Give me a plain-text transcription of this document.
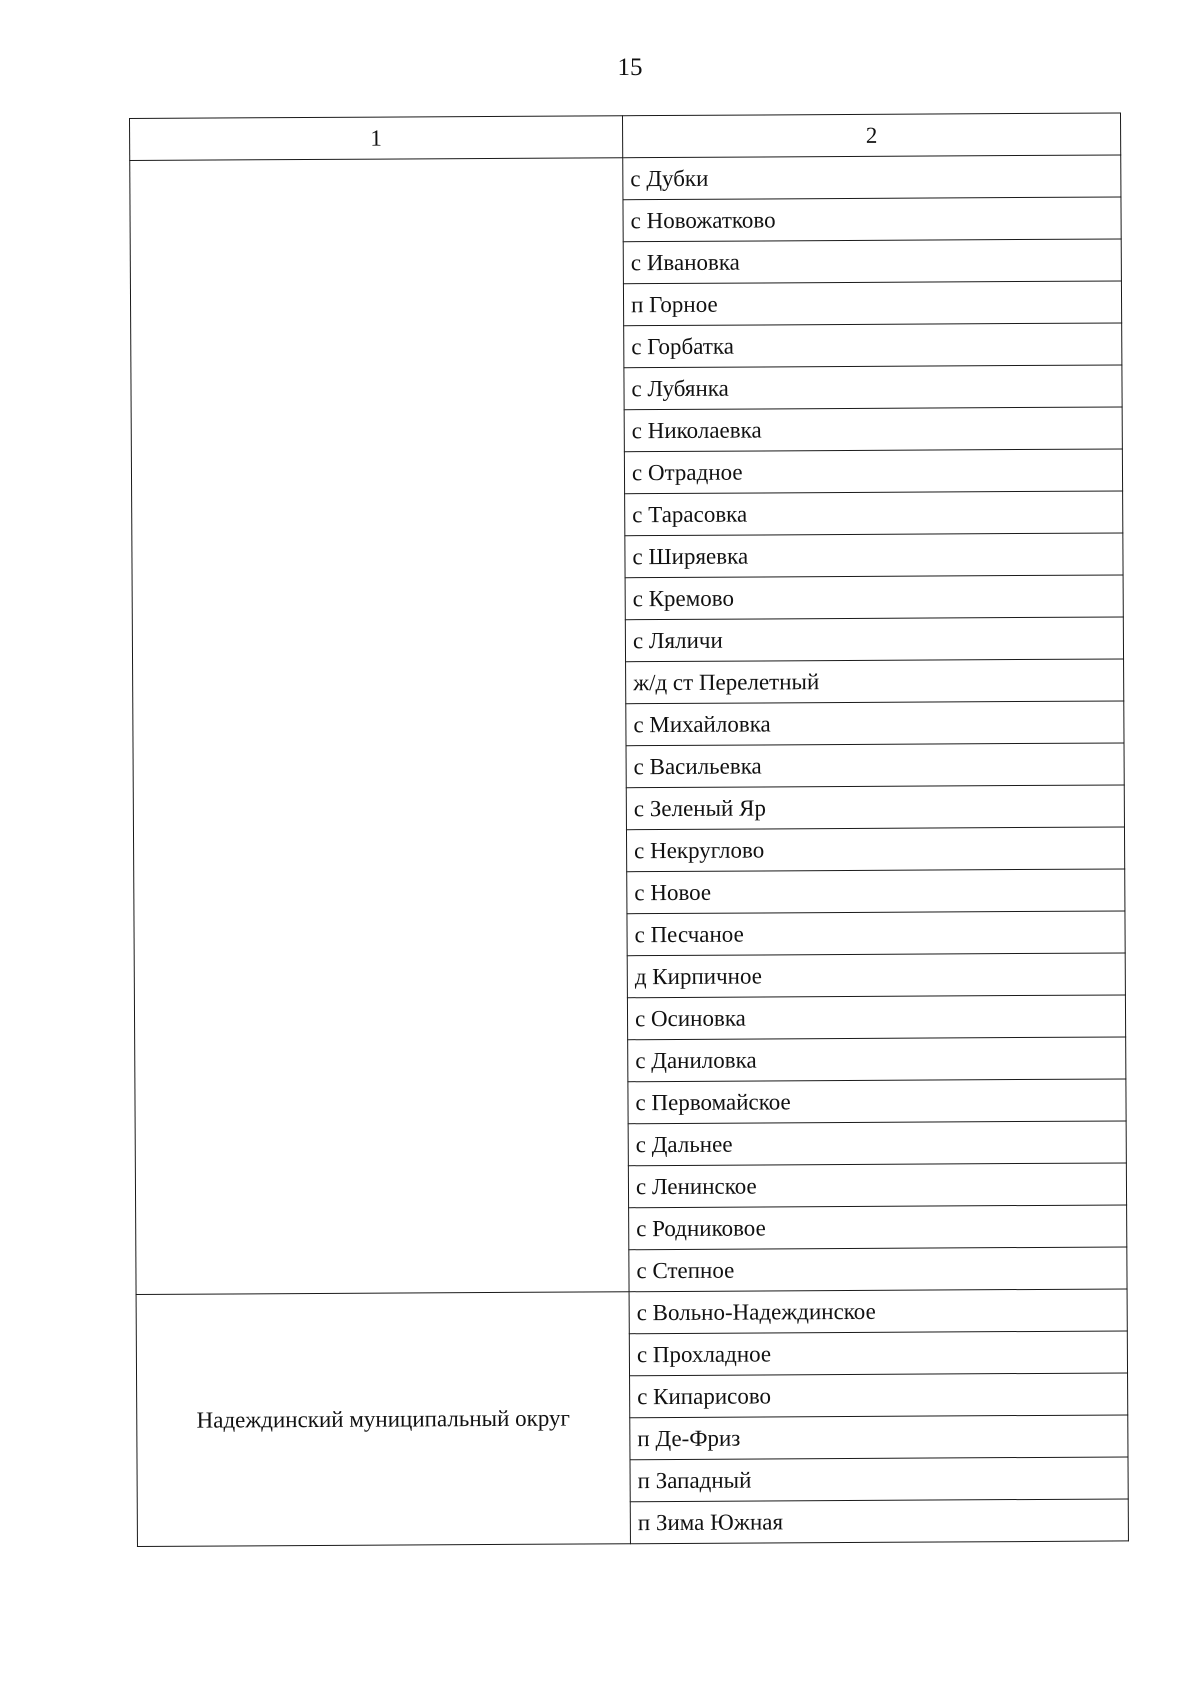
15
1	2
	с Дубки
	с Новожатково
	с Ивановка
	п Горное
	с Горбатка
	с Лубянка
	с Николаевка
	с Отрадное
	с Тарасовка
	с Ширяевка
	с Кремово
	с Ляличи
	ж/д ст Перелетный
	с Михайловка
	с Васильевка
	с Зеленый Яр
	с Некруглово
	с Новое
	с Песчаное
	д Кирпичное
	с Осиновка
	с Даниловка
	с Первомайское
	с Дальнее
	с Ленинское
	с Родниковое
	с Степное
Надеждинский муниципальный округ	с Вольно-Надеждинское
	с Прохладное
	с Кипарисово
	п Де-Фриз
	п Западный
	п Зима Южная
